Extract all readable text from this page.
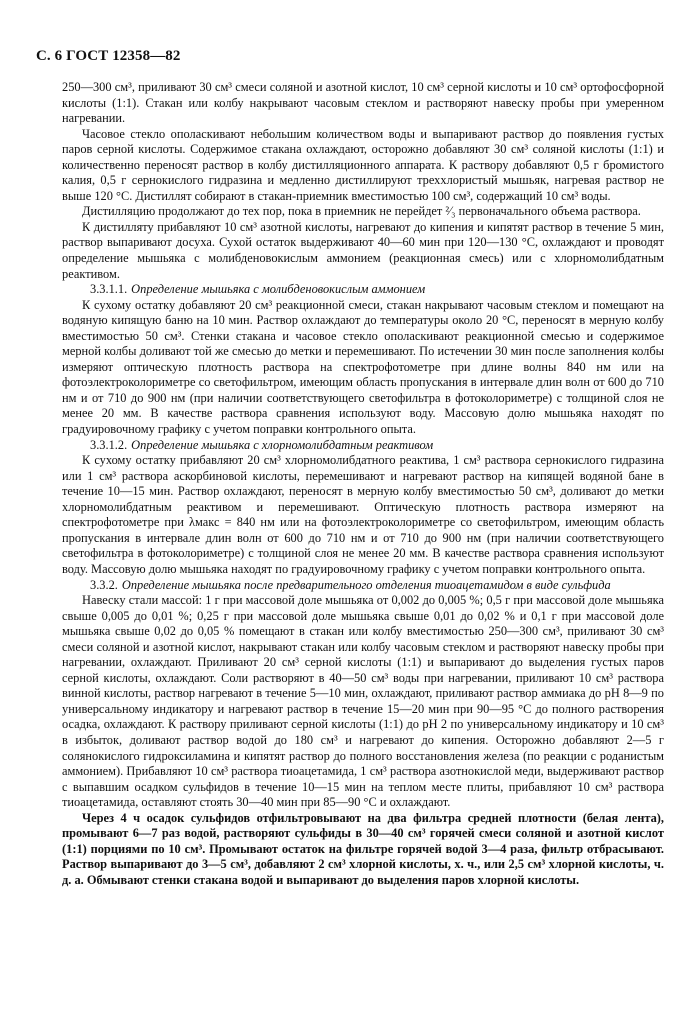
С. 6 ГОСТ 12358—82

250—300 см³, приливают 30 см³ смеси соляной и азотной кислот, 10 см³ серной кислоты и 10 см³ ортофосфорной кислоты (1:1). Стакан или колбу накрывают часовым стеклом и растворяют навеску пробы при умеренном нагревании.

Часовое стекло ополаскивают небольшим количеством воды и выпаривают раствор до появления густых паров серной кислоты. Содержимое стакана охлаждают, осторожно добавляют 30 см³ соляной кислоты (1:1) и количественно переносят раствор в колбу дистилляционного аппарата. К раствору добавляют 0,5 г бромистого калия, 0,5 г сернокислого гидразина и медленно дистиллируют треххлористый мышьяк, нагревая раствор не выше 120 °С. Дистиллят собирают в стакан-приемник вместимостью 100 см³, содержащий 10 см³ воды.

Дистилляцию продолжают до тех пор, пока в приемник не перейдет ²⁄₃ первоначального объема раствора.

К дистилляту прибавляют 10 см³ азотной кислоты, нагревают до кипения и кипятят раствор в течение 5 мин, раствор выпаривают досуха. Сухой остаток выдерживают 40—60 мин при 120—130 °С, охлаждают и проводят определение мышьяка с молибденовокислым аммонием (реакционная смесь) или с хлорномолибдатным реактивом.

3.3.1.1. Определение мышьяка с молибденовокислым аммонием

К сухому остатку добавляют 20 см³ реакционной смеси, стакан накрывают часовым стеклом и помещают на водяную кипящую баню на 10 мин. Раствор охлаждают до температуры около 20 °С, переносят в мерную колбу вместимостью 50 см³. Стенки стакана и часовое стекло ополаскивают реакционной смесью и содержимое мерной колбы доливают той же смесью до метки и перемешивают. По истечении 30 мин после заполнения колбы измеряют оптическую плотность раствора на спектрофотометре при длине волны 840 нм или на фотоэлектроколориметре со светофильтром, имеющим область пропускания в интервале длин волн от 600 до 710 нм и от 710 до 900 нм (при наличии соответствующего светофильтра в фотоколориметре) с толщиной слоя не менее 20 мм. В качестве раствора сравнения используют воду. Массовую долю мышьяка находят по градуировочному графику с учетом поправки контрольного опыта.

3.3.1.2. Определение мышьяка с хлорномолибдатным реактивом

К сухому остатку прибавляют 20 см³ хлорномолибдатного реактива, 1 см³ раствора сернокислого гидразина или 1 см³ раствора аскорбиновой кислоты, перемешивают и нагревают раствор на кипящей водяной бане в течение 10—15 мин. Раствор охлаждают, переносят в мерную колбу вместимостью 50 см³, доливают до метки хлорномолибдатным реактивом и перемешивают. Оптическую плотность раствора измеряют на спектрофотометре при λмакс = 840 нм или на фотоэлектроколориметре со светофильтром, имеющим область пропускания в интервале длин волн от 600 до 710 нм и от 710 до 900 нм (при наличии соответствующего светофильтра в фотоколориметре) с толщиной слоя не менее 20 мм. В качестве раствора сравнения используют воду. Массовую долю мышьяка находят по градуировочному графику с учетом поправки контрольного опыта.

3.3.2. Определение мышьяка после предварительного отделения тиоацетамидом в виде сульфида

Навеску стали массой: 1 г при массовой доле мышьяка от 0,002 до 0,005 %; 0,5 г при массовой доле мышьяка свыше 0,005 до 0,01 %; 0,25 г при массовой доле мышьяка свыше 0,01 до 0,02 % и 0,1 г при массовой доле мышьяка свыше 0,02 до 0,05 % помещают в стакан или колбу вместимостью 250—300 см³, приливают 30 см³ смеси соляной и азотной кислот, накрывают стакан или колбу часовым стеклом и растворяют навеску пробы при нагревании, охлаждают. Приливают 20 см³ серной кислоты (1:1) и выпаривают до выделения густых паров серной кислоты, охлаждают. Соли растворяют в 40—50 см³ воды при нагревании, приливают 10 см³ раствора винной кислоты, раствор нагревают в течение 5—10 мин, охлаждают, приливают раствор аммиака до pH 8—9 по универсальному индикатору и нагревают раствор в течение 15—20 мин при 90—95 °С до полного растворения осадка, охлаждают. К раствору приливают серной кислоты (1:1) до pH 2 по универсальному индикатору и 10 см³ в избыток, доливают раствор водой до 180 см³ и нагревают до кипения. Осторожно добавляют 2—5 г солянокислого гидроксиламина и кипятят раствор до полного восстановления железа (по реакции с роданистым аммонием). Прибавляют 10 см³ раствора тиоацетамида, 1 см³ раствора азотнокислой меди, выдерживают раствор с выпавшим осадком сульфидов в течение 10—15 мин на теплом месте плиты, прибавляют 10 см³ раствора тиоацетамида, оставляют стоять 30—40 мин при 85—90 °С и охлаждают.

Через 4 ч осадок сульфидов отфильтровывают на два фильтра средней плотности (белая лента), промывают 6—7 раз водой, растворяют сульфиды в 30—40 см³ горячей смеси соляной и азотной кислот (1:1) порциями по 10 см³. Промывают остаток на фильтре горячей водой 3—4 раза, фильтр отбрасывают. Раствор выпаривают до 3—5 см³, добавляют 2 см³ хлорной кислоты, х. ч., или 2,5 см³ хлорной кислоты, ч. д. а. Обмывают стенки стакана водой и выпаривают до выделения паров хлорной кислоты.
